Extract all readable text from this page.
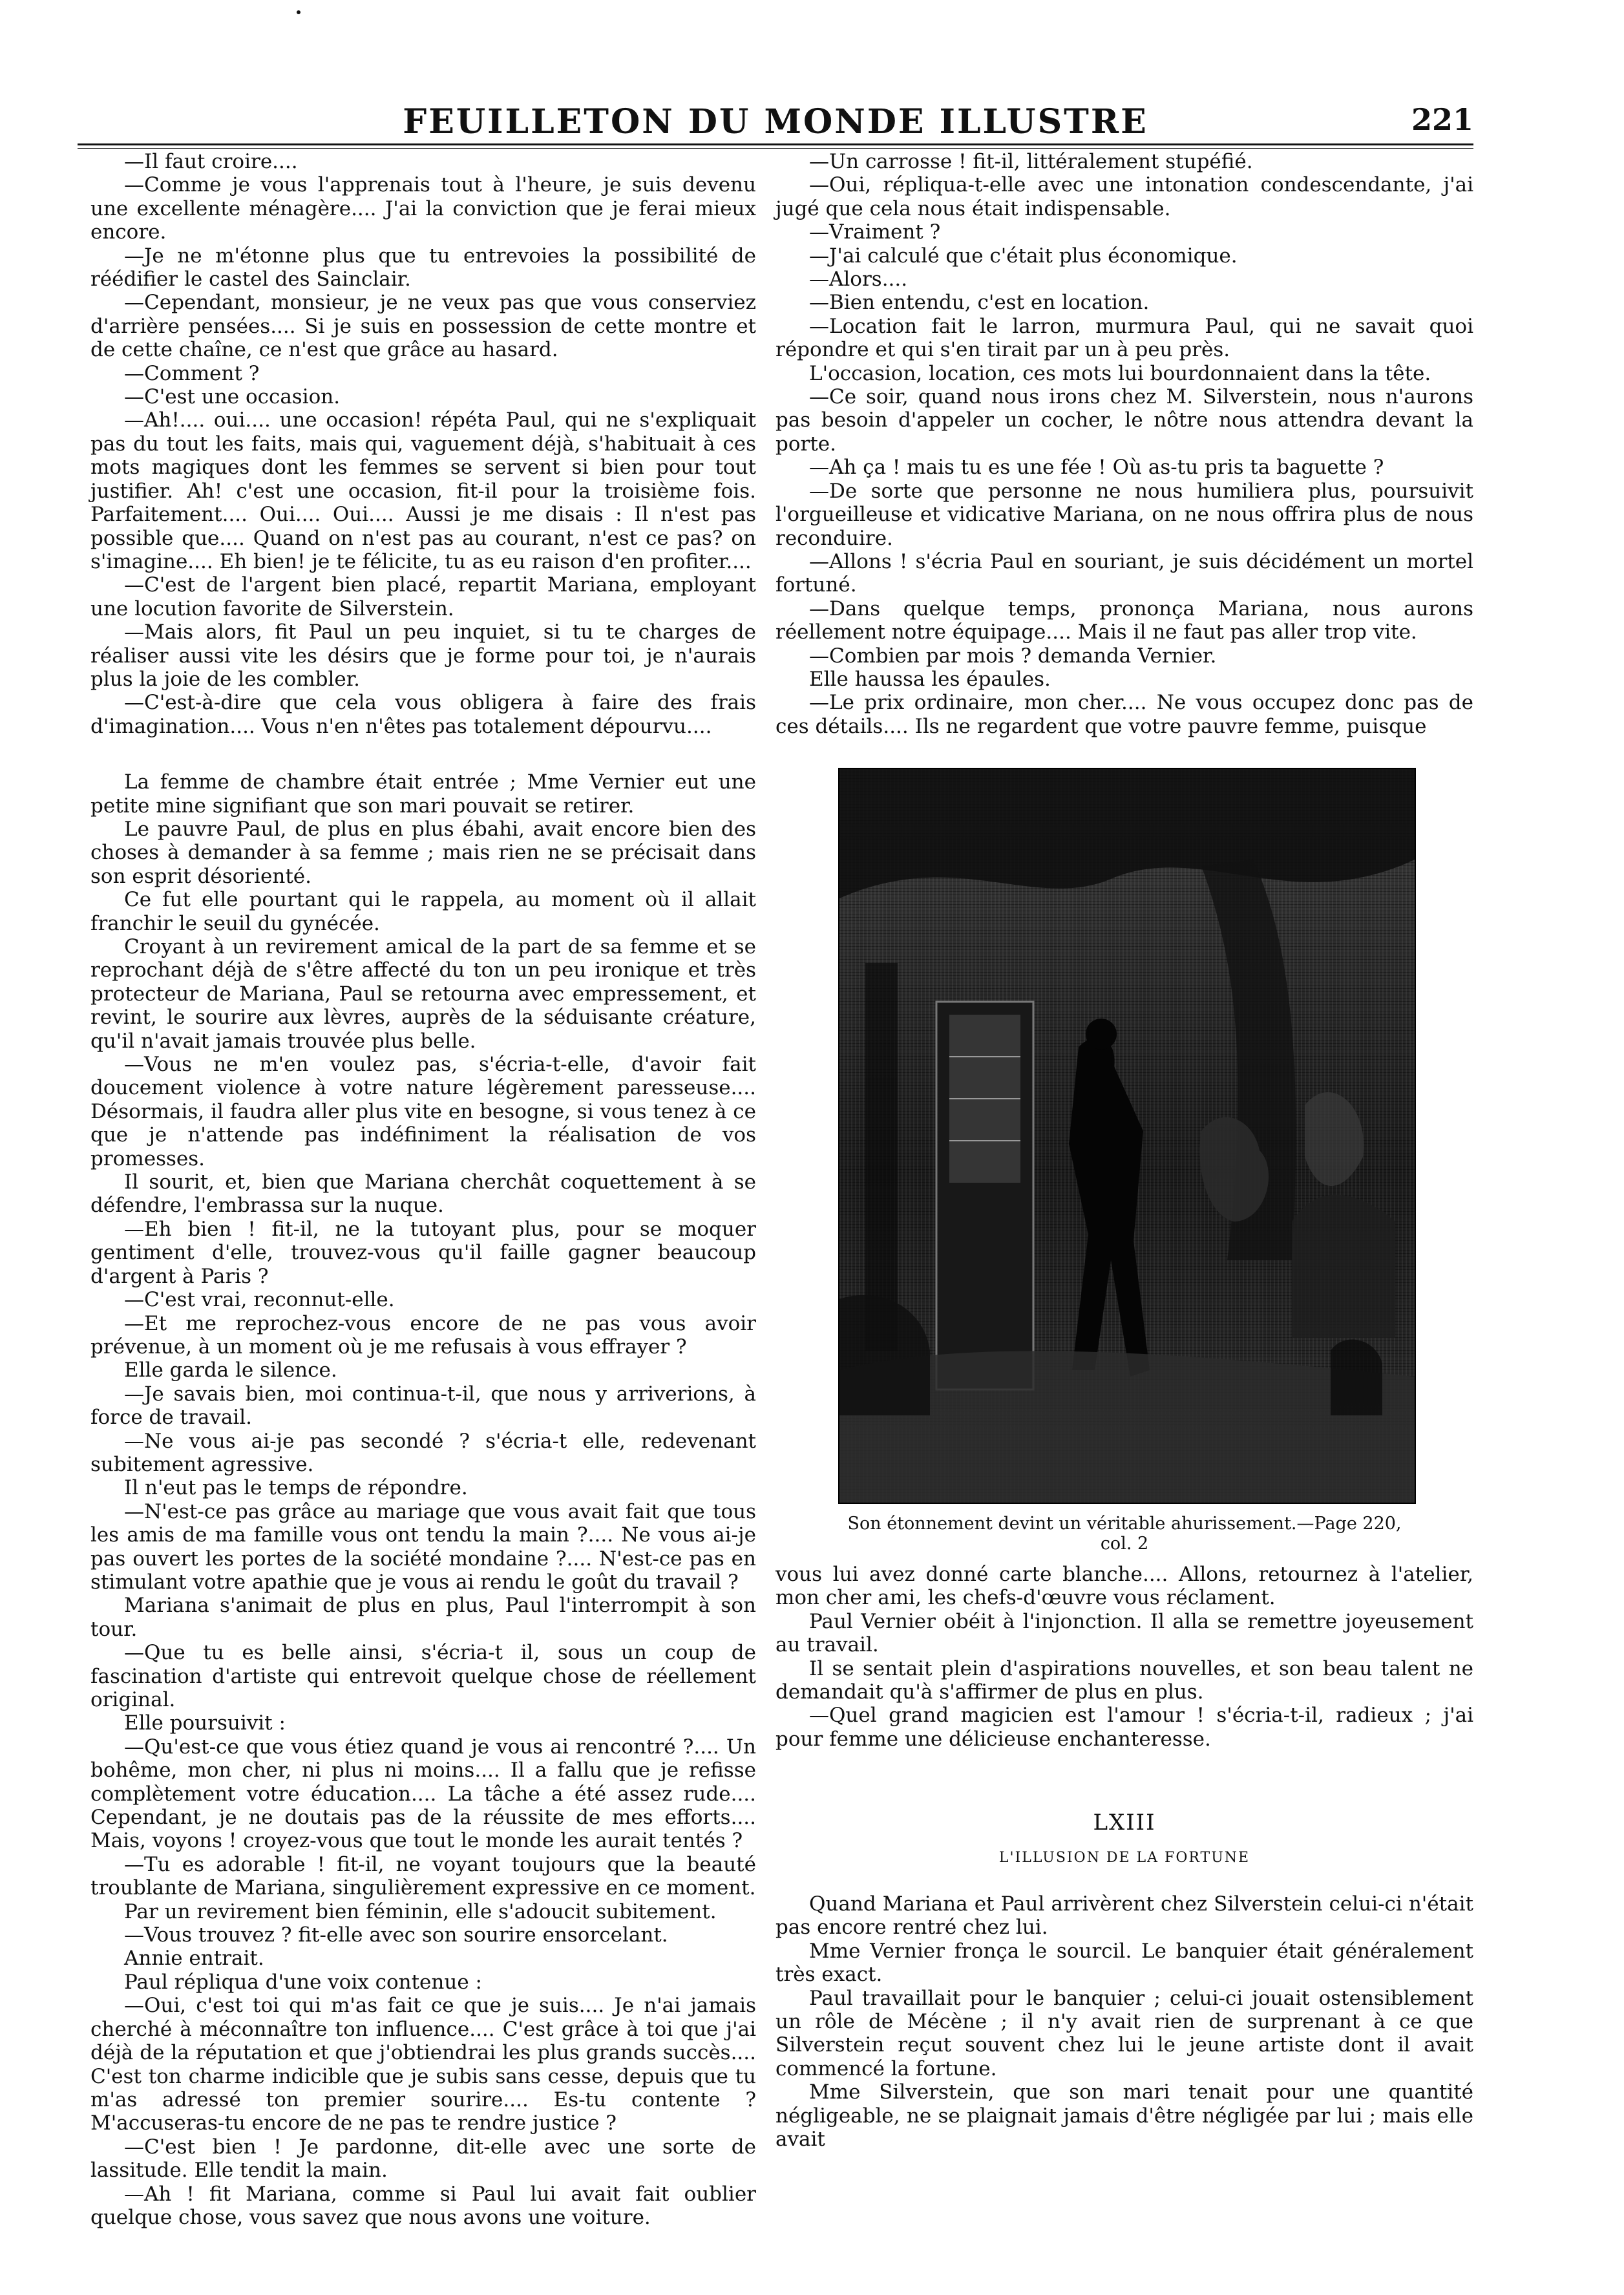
FEUILLETON DU MONDE ILLUSTRE	221

—Il faut croire....

—Comme je vous l'apprenais tout à l'heure, je suis devenu une excellente ménagère.... J'ai la conviction que je ferai mieux encore.

—Je ne m'étonne plus que tu entrevoies la possibilité de réédifier le castel des Sainclair.

—Cependant, monsieur, je ne veux pas que vous conserviez d'arrière pensées.... Si je suis en possession de cette montre et de cette chaîne, ce n'est que grâce au hasard.

—Comment ?

—C'est une occasion.

—Ah!.... oui.... une occasion! répéta Paul, qui ne s'expliquait pas du tout les faits, mais qui, vaguement déjà, s'habituait à ces mots magiques dont les femmes se servent si bien pour tout justifier. Ah! c'est une occasion, fit-il pour la troisième fois. Parfaitement.... Oui.... Oui.... Aussi je me disais : Il n'est pas possible que.... Quand on n'est pas au courant, n'est ce pas? on s'imagine.... Eh bien! je te félicite, tu as eu raison d'en profiter....

—C'est de l'argent bien placé, repartit Mariana, employant une locution favorite de Silverstein.

—Mais alors, fit Paul un peu inquiet, si tu te charges de réaliser aussi vite les désirs que je forme pour toi, je n'aurais plus la joie de les combler.

—C'est-à-dire que cela vous obligera à faire des frais d'imagination.... Vous n'en n'êtes pas totalement dépourvu....

La femme de chambre était entrée ; Mme Vernier eut une petite mine signifiant que son mari pouvait se retirer.

Le pauvre Paul, de plus en plus ébahi, avait encore bien des choses à demander à sa femme ; mais rien ne se précisait dans son esprit désorienté.

Ce fut elle pourtant qui le rappela, au moment où il allait franchir le seuil du gynécée.

Croyant à un revirement amical de la part de sa femme et se reprochant déjà de s'être affecté du ton un peu ironique et très protecteur de Mariana, Paul se retourna avec empressement, et revint, le sourire aux lèvres, auprès de la séduisante créature, qu'il n'avait jamais trouvée plus belle.

—Vous ne m'en voulez pas, s'écria-t-elle, d'avoir fait doucement violence à votre nature légèrement paresseuse.... Désormais, il faudra aller plus vite en besogne, si vous tenez à ce que je n'attende pas indéfiniment la réalisation de vos promesses.

Il sourit, et, bien que Mariana cherchât coquettement à se défendre, l'embrassa sur la nuque.

—Eh bien ! fit-il, ne la tutoyant plus, pour se moquer gentiment d'elle, trouvez-vous qu'il faille gagner beaucoup d'argent à Paris ?

—C'est vrai, reconnut-elle.

—Et me reprochez-vous encore de ne pas vous avoir prévenue, à un moment où je me refusais à vous effrayer ?

Elle garda le silence.

—Je savais bien, moi continua-t-il, que nous y arriverions, à force de travail.

—Ne vous ai-je pas secondé ? s'écria-t elle, redevenant subitement agressive.

Il n'eut pas le temps de répondre.

—N'est-ce pas grâce au mariage que vous avait fait que tous les amis de ma famille vous ont tendu la main ?.... Ne vous ai-je pas ouvert les portes de la société mondaine ?.... N'est-ce pas en stimulant votre apathie que je vous ai rendu le goût du travail ?

Mariana s'animait de plus en plus, Paul l'interrompit à son tour.

—Que tu es belle ainsi, s'écria-t il, sous un coup de fascination d'artiste qui entrevoit quelque chose de réellement original.

Elle poursuivit :

—Qu'est-ce que vous étiez quand je vous ai rencontré ?.... Un bohême, mon cher, ni plus ni moins.... Il a fallu que je refisse complètement votre éducation.... La tâche a été assez rude.... Cependant, je ne doutais pas de la réussite de mes efforts.... Mais, voyons ! croyez-vous que tout le monde les aurait tentés ?

—Tu es adorable ! fit-il, ne voyant toujours que la beauté troublante de Mariana, singulièrement expressive en ce moment.

Par un revirement bien féminin, elle s'adoucit subitement.

—Vous trouvez ? fit-elle avec son sourire ensorcelant.

Annie entrait.

Paul répliqua d'une voix contenue :

—Oui, c'est toi qui m'as fait ce que je suis.... Je n'ai jamais cherché à méconnaître ton influence.... C'est grâce à toi que j'ai déjà de la réputation et que j'obtiendrai les plus grands succès.... C'est ton charme indicible que je subis sans cesse, depuis que tu m'as adressé ton premier sourire.... Es-tu contente ? M'accuseras-tu encore de ne pas te rendre justice ?

—C'est bien ! Je pardonne, dit-elle avec une sorte de lassitude. Elle tendit la main.

—Ah ! fit Mariana, comme si Paul lui avait fait oublier quelque chose, vous savez que nous avons une voiture.

—Un carrosse ! fit-il, littéralement stupéfié.

—Oui, répliqua-t-elle avec une intonation condescendante, j'ai jugé que cela nous était indispensable.

—Vraiment ?

—J'ai calculé que c'était plus économique.

—Alors....

—Bien entendu, c'est en location.

—Location fait le larron, murmura Paul, qui ne savait quoi répondre et qui s'en tirait par un à peu près.

L'occasion, location, ces mots lui bourdonnaient dans la tête.

—Ce soir, quand nous irons chez M. Silverstein, nous n'aurons pas besoin d'appeler un cocher, le nôtre nous attendra devant la porte.

—Ah ça ! mais tu es une fée ! Où as-tu pris ta baguette ?

—De sorte que personne ne nous humiliera plus, poursuivit l'orgueilleuse et vidicative Mariana, on ne nous offrira plus de nous reconduire.

—Allons ! s'écria Paul en souriant, je suis décidément un mortel fortuné.

—Dans quelque temps, prononça Mariana, nous aurons réellement notre équipage.... Mais il ne faut pas aller trop vite.

—Combien par mois ? demanda Vernier.

Elle haussa les épaules.

—Le prix ordinaire, mon cher.... Ne vous occupez donc pas de ces détails.... Ils ne regardent que votre pauvre femme, puisque

Son étonnement devint un véritable ahurissement.—Page 220, col. 2

vous lui avez donné carte blanche.... Allons, retournez à l'atelier, mon cher ami, les chefs-d'œuvre vous réclament.

Paul Vernier obéit à l'injonction. Il alla se remettre joyeusement au travail.

Il se sentait plein d'aspirations nouvelles, et son beau talent ne demandait qu'à s'affirmer de plus en plus.

—Quel grand magicien est l'amour ! s'écria-t-il, radieux ; j'ai pour femme une délicieuse enchanteresse.

LXIII
L'ILLUSION DE LA FORTUNE

Quand Mariana et Paul arrivèrent chez Silverstein celui-ci n'était pas encore rentré chez lui.

Mme Vernier fronça le sourcil. Le banquier était généralement très exact.

Paul travaillait pour le banquier ; celui-ci jouait ostensiblement un rôle de Mécène ; il n'y avait rien de surprenant à ce que Silverstein reçut souvent chez lui le jeune artiste dont il avait commencé la fortune.

Mme Silverstein, que son mari tenait pour une quantité négligeable, ne se plaignait jamais d'être négligée par lui ; mais elle avait
